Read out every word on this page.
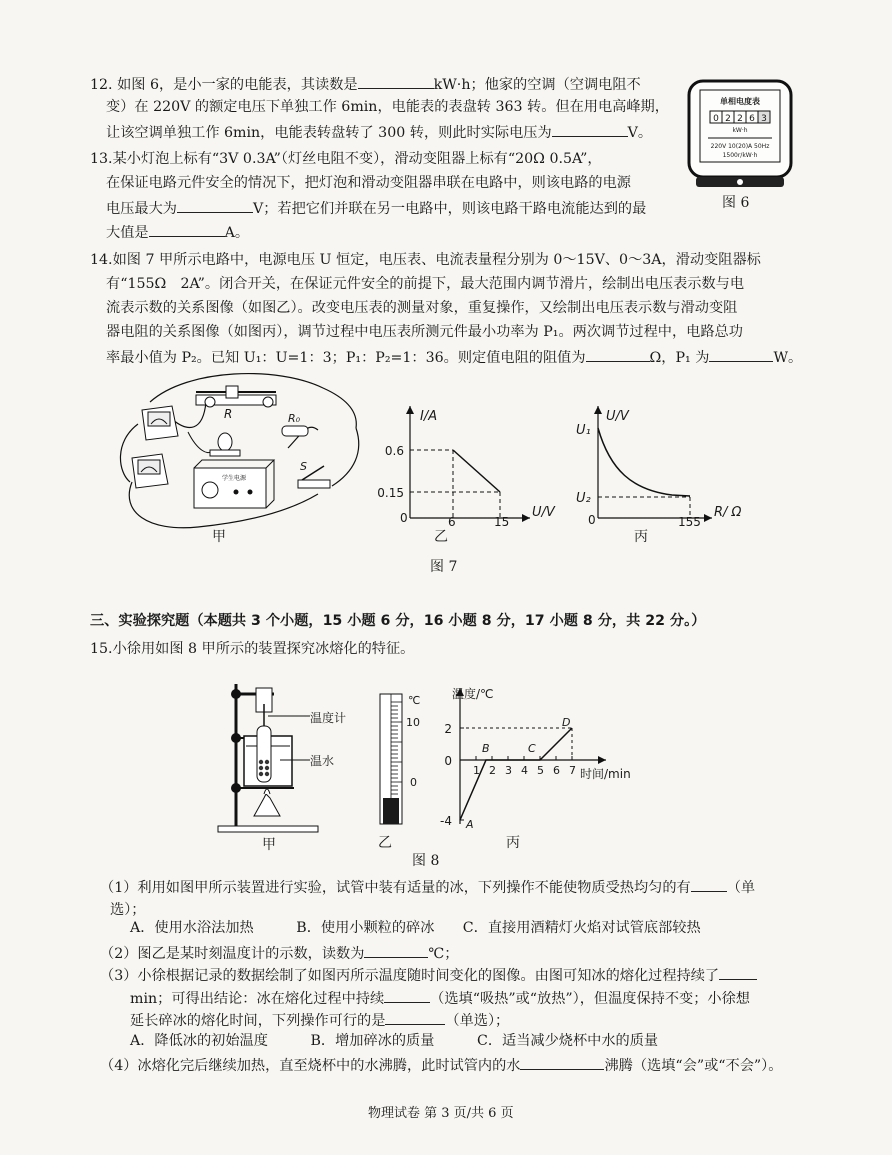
12. 如图 6，是小一家的电能表，其读数是	kW·h；他家的空调（空调电阻不
变）在 220V 的额定电压下单独工作 6min，电能表的表盘转 363 转。但在用电高峰期，
让该空调单独工作 6min，电能表转盘转了 300 转，则此时实际电压为	V。
13.某小灯泡上标有“3V 0.3A”（灯丝电阻不变），滑动变阻器上标有“20Ω 0.5A”，
在保证电路元件安全的情况下，把灯泡和滑动变阻器串联在电路中，则该电路的电源
电压最大为	V；若把它们并联在另一电路中，则该电路干路电流能达到的最
大值是	A。
单相电度表
0 2 2 6 3
kW·h
220V 10(20)A 50Hz
1500r/kW·h
图 6
14.如图 7 甲所示电路中，电源电压 U 恒定，电压表、电流表量程分别为 0～15V、0～3A，滑动变阻器标
有“155Ω　2A”。闭合开关，在保证元件安全的前提下，最大范围内调节滑片，绘制出电压表示数与电
流表示数的关系图像（如图乙）。改变电压表的测量对象，重复操作，又绘制出电压表示数与滑动变阻
器电阻的关系图像（如图丙），调节过程中电压表所测元件最小功率为 P₁。两次调节过程中，电路总功
率最小值为 P₂。已知 U₁：U=1：3；P₁：P₂=1：36。则定值电阻的阻值为	Ω，P₁ 为	W。
R	R₀
学生电源
S
甲
I/A
U/V
0.6
0.15
0	6	15
乙
U/V
R/ Ω
U₁
U₂
0	155
丙
图 7
三、实验探究题（本题共 3 个小题，15 小题 6 分，16 小题 8 分，17 小题 8 分，共 22 分。）
15.小徐用如图 8 甲所示的装置探究冰熔化的特征。
温度计
温水
甲
℃
10
0
乙
温度/℃
时间/min
2
0
-4
1 2 3 4 5 6 7
A
B	C
D
丙
图 8
（1）利用如图甲所示装置进行实验，试管中装有适量的冰，下列操作不能使物质受热均匀的有	（单
选）；
A．使用水浴法加热　　　B．使用小颗粒的碎冰　　C．直接用酒精灯火焰对试管底部较热
（2）图乙是某时刻温度计的示数，读数为	℃；
（3）小徐根据记录的数据绘制了如图丙所示温度随时间变化的图像。由图可知冰的熔化过程持续了
min；可得出结论：冰在熔化过程中持续	（选填“吸热”或“放热”），但温度保持不变；小徐想
延长碎冰的熔化时间，下列操作可行的是	（单选）；
A．降低冰的初始温度　　　B．增加碎冰的质量　　　C．适当减少烧杯中水的质量
（4）冰熔化完后继续加热，直至烧杯中的水沸腾，此时试管内的水	沸腾（选填“会”或“不会”）。
物理试卷 第 3 页/共 6 页
